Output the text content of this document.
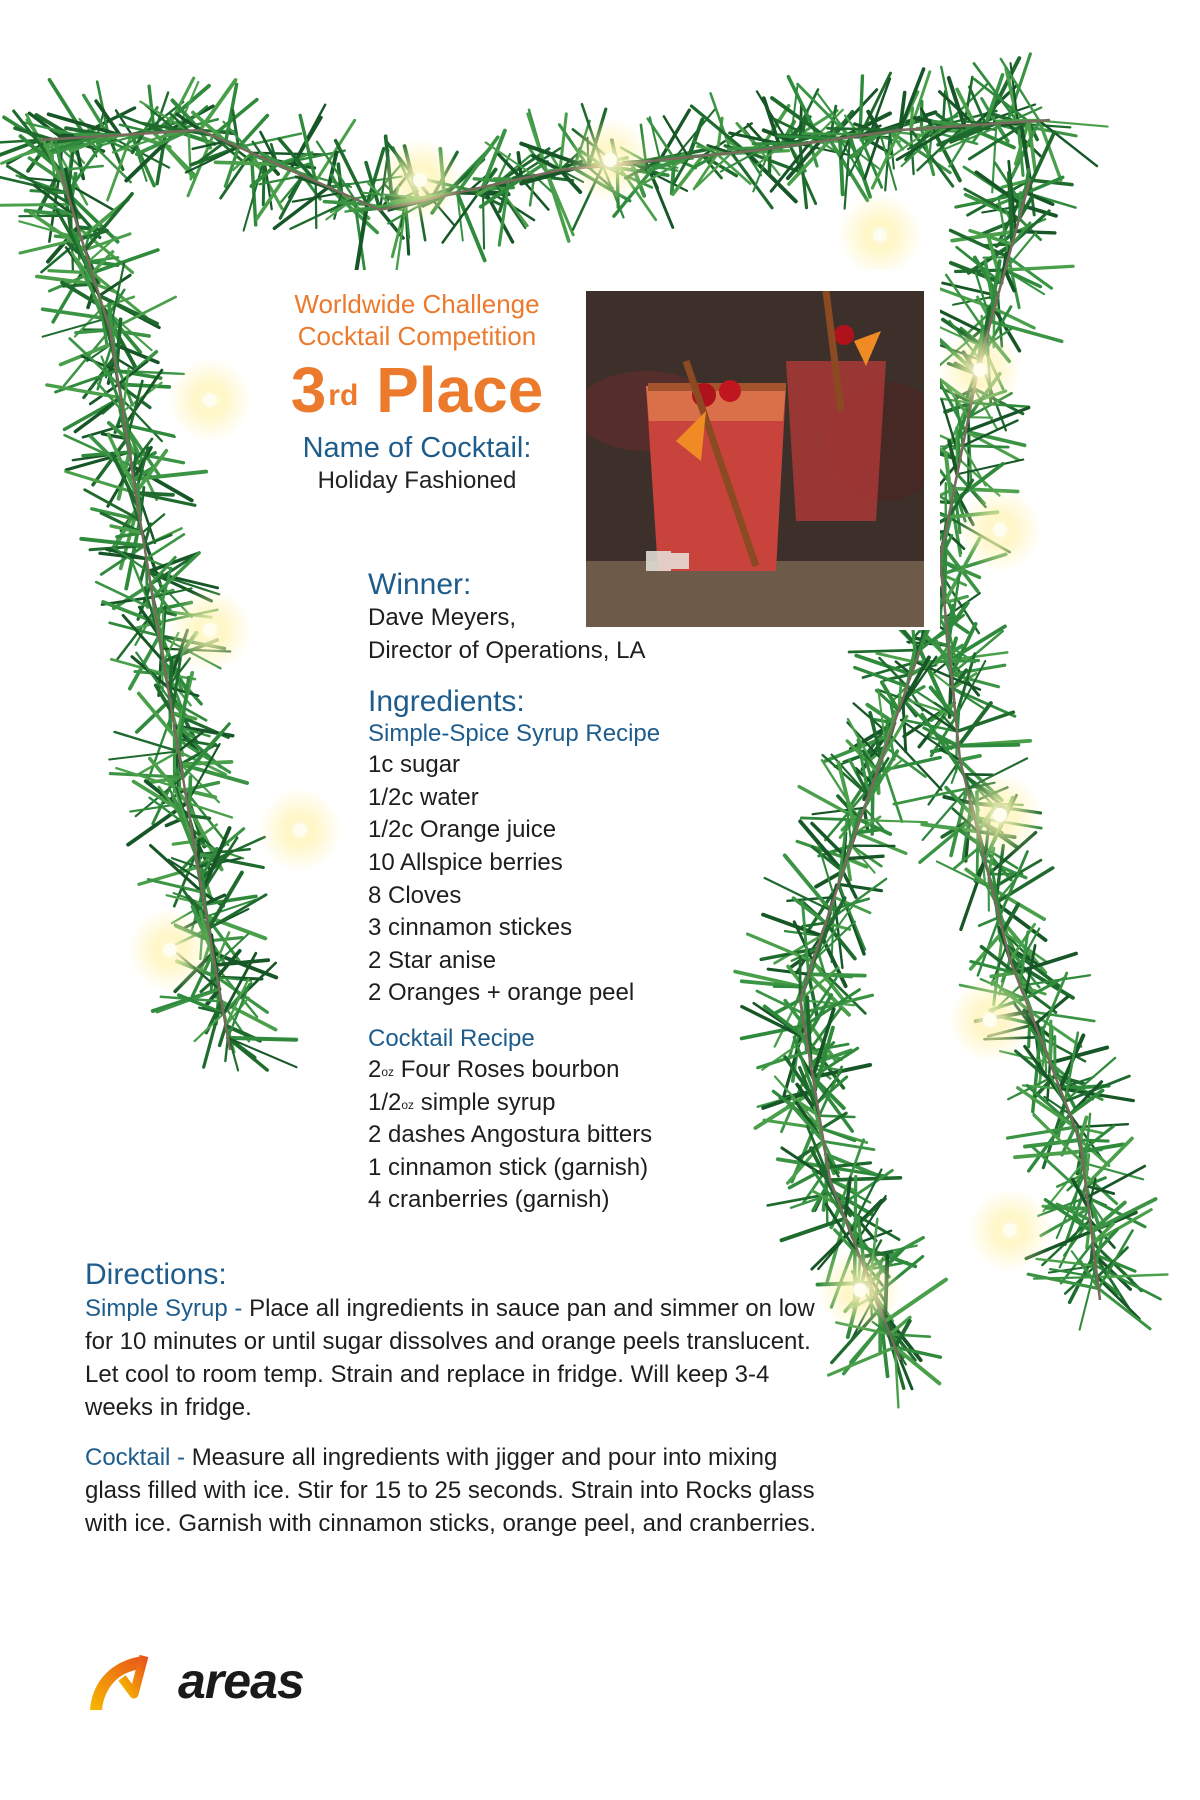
Worldwide Challenge
Cocktail Competition
3rd Place
Name of Cocktail:
Holiday Fashioned
Winner:
Dave Meyers,
Director of Operations, LA
Ingredients:
Simple-Spice Syrup Recipe
1c sugar
1/2c water
1/2c Orange juice
10 Allspice berries
8 Cloves
3 cinnamon stickes
2 Star anise
2 Oranges + orange peel
Cocktail Recipe
$2^{oz}$ Four Roses bourbon
$1/2^{oz}$ simple syrup
2 dashes Angostura bitters
1 cinnamon stick (garnish)
4 cranberries (garnish)
Directions:
Simple Syrup - Place all ingredients in sauce pan and simmer on low for 10 minutes or until sugar dissolves and orange peels translucent. Let cool to room temp. Strain and replace in fridge. Will keep 3-4 weeks in fridge.
Cocktail - Measure all ingredients with jigger and pour into mixing glass filled with ice. Stir for 15 to 25 seconds. Strain into Rocks glass with ice. Garnish with cinnamon sticks, orange peel, and cranberries.
areas
